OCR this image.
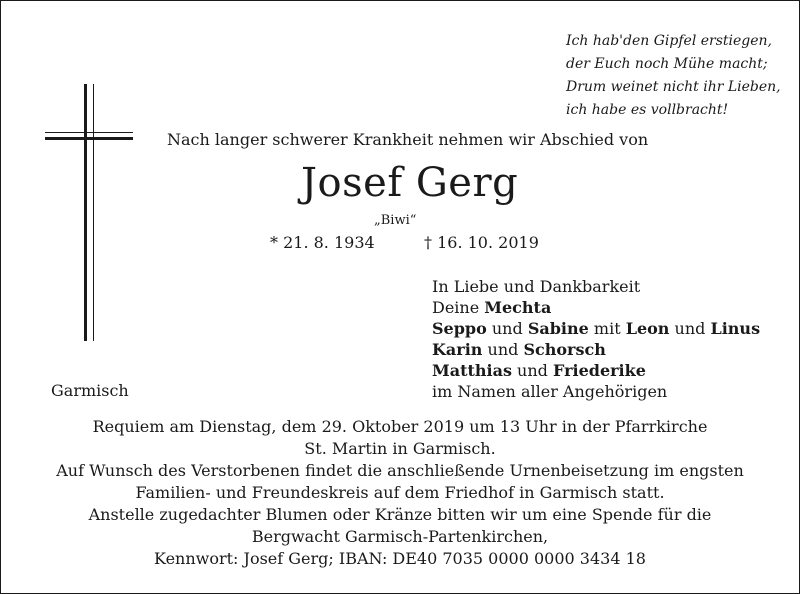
Ich hab'den Gipfel erstiegen,
der Euch noch Mühe macht;
Drum weinet nicht ihr Lieben,
ich habe es vollbracht!
Nach langer schwerer Krankheit nehmen wir Abschied von
Josef Gerg
„Biwi“
* 21. 8. 1934	† 16. 10. 2019
In Liebe und Dankbarkeit
Deine Mechta
Seppo und Sabine mit Leon und Linus
Karin und Schorsch
Matthias und Friederike
im Namen aller Angehörigen
Garmisch
Requiem am Dienstag, dem 29. Oktober 2019 um 13 Uhr in der Pfarrkirche
St. Martin in Garmisch.
Auf Wunsch des Verstorbenen findet die anschließende Urnenbeisetzung im engsten
Familien- und Freundeskreis auf dem Friedhof in Garmisch statt.
Anstelle zugedachter Blumen oder Kränze bitten wir um eine Spende für die
Bergwacht Garmisch-Partenkirchen,
Kennwort: Josef Gerg; IBAN: DE40 7035 0000 0000 3434 18
